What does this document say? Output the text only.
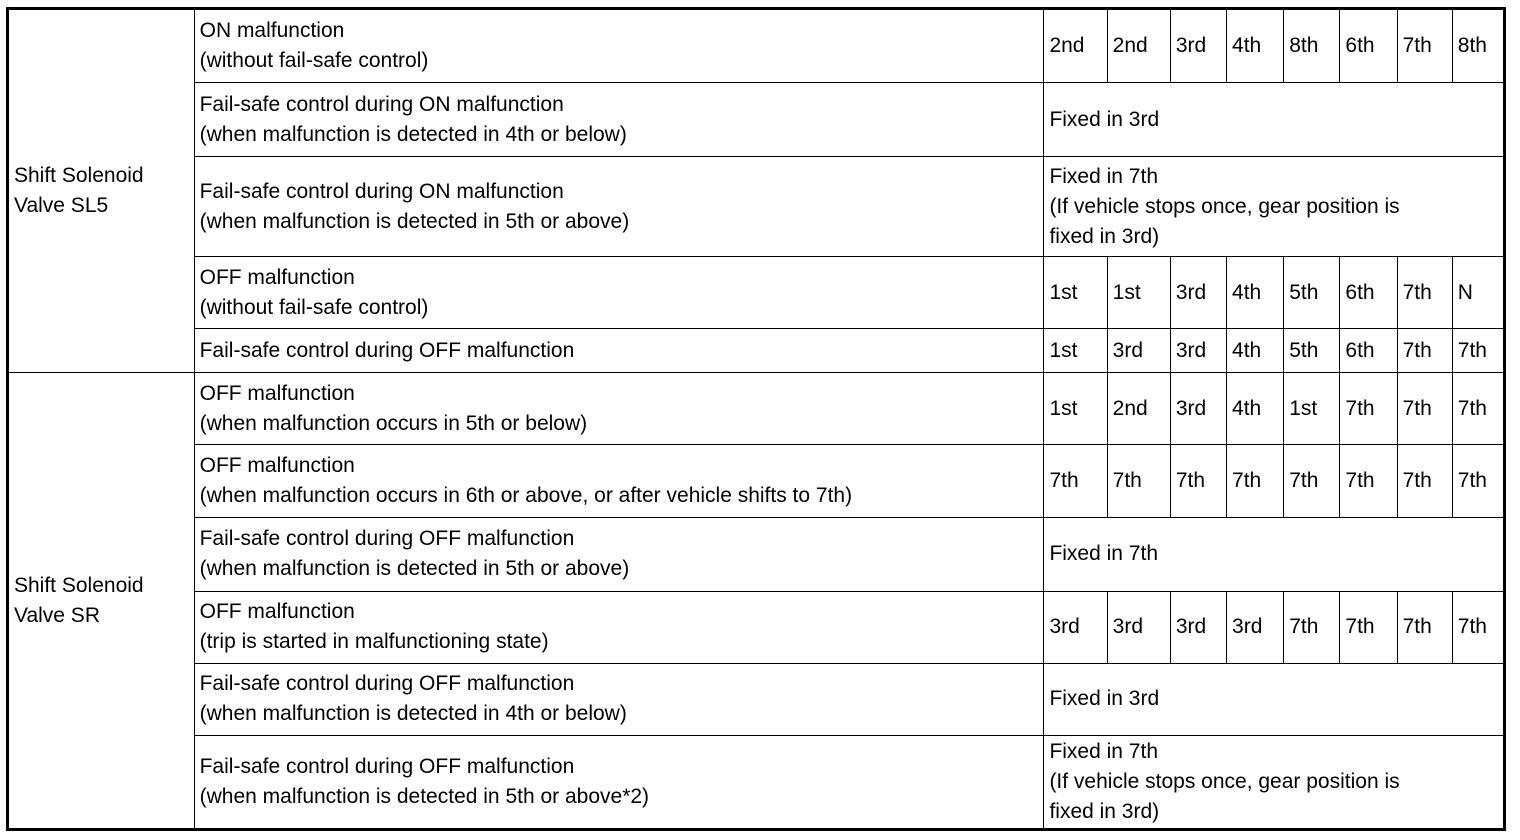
Shift Solenoid
Valve SL5	ON malfunction
(without fail-safe control)	2nd	2nd	3rd	4th	8th	6th	7th	8th

	Fail-safe control during ON malfunction
(when malfunction is detected in 4th or below)	Fixed in 3rd							

	Fail-safe control during ON malfunction
(when malfunction is detected in 5th or above)	Fixed in 7th
(If vehicle stops once, gear position is
fixed in 3rd)							

	OFF malfunction
(without fail-safe control)	1st	1st	3rd	4th	5th	6th	7th	N

	Fail-safe control during OFF malfunction	1st	3rd	3rd	4th	5th	6th	7th	7th

Shift Solenoid
Valve SR	OFF malfunction
(when malfunction occurs in 5th or below)	1st	2nd	3rd	4th	1st	7th	7th	7th

	OFF malfunction
(when malfunction occurs in 6th or above, or after vehicle shifts to 7th)	7th	7th	7th	7th	7th	7th	7th	7th

	Fail-safe control during OFF malfunction
(when malfunction is detected in 5th or above)	Fixed in 7th							

	OFF malfunction
(trip is started in malfunctioning state)	3rd	3rd	3rd	3rd	7th	7th	7th	7th

	Fail-safe control during OFF malfunction
(when malfunction is detected in 4th or below)	Fixed in 3rd							

	Fail-safe control during OFF malfunction
(when malfunction is detected in 5th or above*2)	Fixed in 7th
(If vehicle stops once, gear position is
fixed in 3rd)							
